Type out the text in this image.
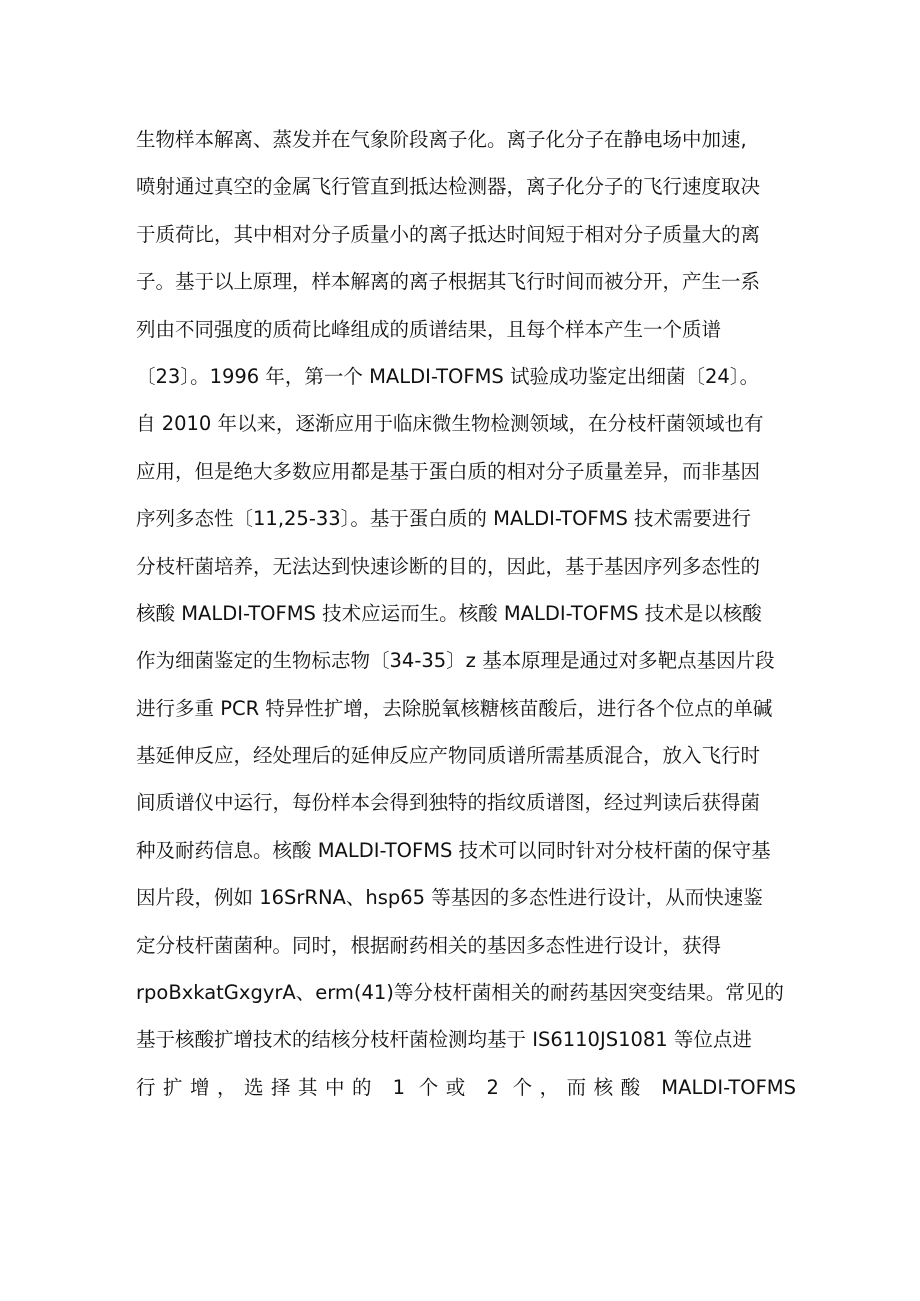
生物样本解离、蒸发并在气象阶段离子化。离子化分子在静电场中加速,
喷射通过真空的金属飞行管直到抵达检测器，离子化分子的飞行速度取决
于质荷比，其中相对分子质量小的离子抵达时间短于相对分子质量大的离
子。基于以上原理，样本解离的离子根据其飞行时间而被分开，产生一系
列由不同强度的质荷比峰组成的质谱结果，且每个样本产生一个质谱
〔23〕。1996 年，第一个 MALDI-TOFMS 试验成功鉴定出细菌〔24〕。
自 2010 年以来，逐渐应用于临床微生物检测领域，在分枝杆菌领域也有
应用，但是绝大多数应用都是基于蛋白质的相对分子质量差异，而非基因
序列多态性〔11,25-33〕。基于蛋白质的 MALDI-TOFMS 技术需要进行
分枝杆菌培养，无法达到快速诊断的目的，因此，基于基因序列多态性的
核酸 MALDI-TOFMS 技术应运而生。核酸 MALDI-TOFMS 技术是以核酸
作为细菌鉴定的生物标志物〔34-35〕z 基本原理是通过对多靶点基因片段
进行多重 PCR 特异性扩增，去除脱氧核糖核苗酸后，进行各个位点的单碱
基延伸反应，经处理后的延伸反应产物同质谱所需基质混合，放入飞行时
间质谱仪中运行，每份样本会得到独特的指纹质谱图，经过判读后获得菌
种及耐药信息。核酸 MALDI-TOFMS 技术可以同时针对分枝杆菌的保守基
因片段，例如 16SrRNA、hsp65 等基因的多态性进行设计，从而快速鉴
定分枝杆菌菌种。同时，根据耐药相关的基因多态性进行设计，获得
rpoBxkatGxgyrA、erm(41)等分枝杆菌相关的耐药基因突变结果。常见的
基于核酸扩增技术的结核分枝杆菌检测均基于 IS6110JS1081 等位点进
行扩增，选择其中的 1 个或 2 个，而核酸 MALDI-TOFMS
